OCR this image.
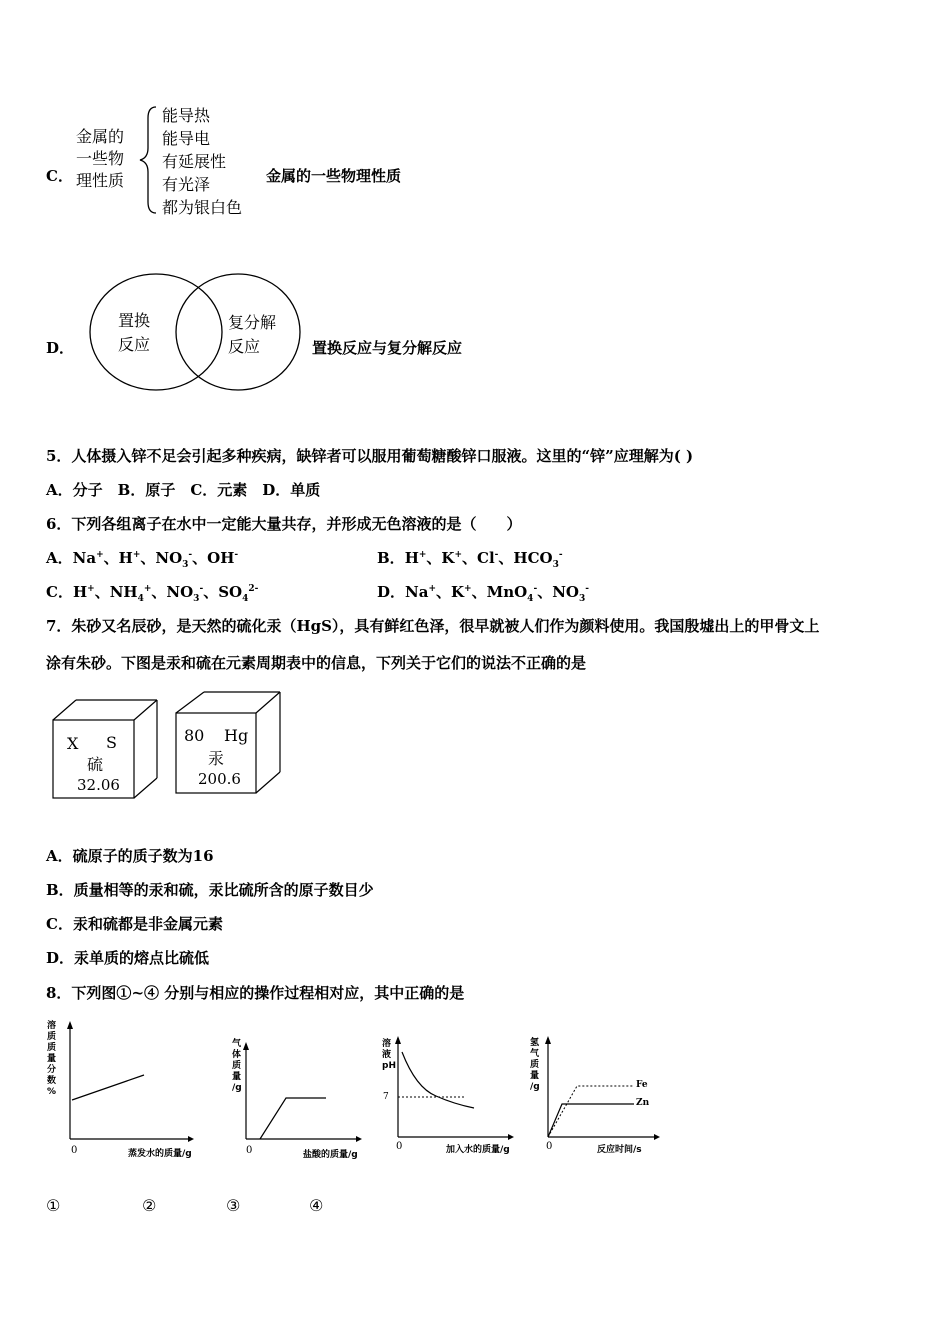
C．
金属的
一些物
理性质
能导热
能导电
有延展性
有光泽
都为银白色
金属的一些物理性质
D．
置换
反应
复分解
反应	置换反应与复分解反应
5．人体摄入锌不足会引起多种疾病，缺锌者可以服用葡萄糖酸锌口服液。这里的“锌”应理解为( )
A．分子　B．原子　C．元素　D．单质
6．下列各组离子在水中一定能大量共存，并形成无色溶液的是（　　）
A．Na+、H+、$NO_3^-$、OH-	B．H+、K+、Cl-、$HCO_3^-$
C．H+、$NH_4^+$、$NO_3^-$、$SO_4^{2-}$	D．Na+、K+、MnO$_4$-、$NO_3^-$
7．朱砂又名辰砂，是天然的硫化汞（HgS），具有鲜红色泽，很早就被人们作为颜料使用。我国殷墟出上的甲骨文上
涂有朱砂。下图是汞和硫在元素周期表中的信息，下列关于它们的说法不正确的是
X S
硫
32.06
80 Hg
汞
200.6
A．硫原子的质子数为16
B．质量相等的汞和硫，汞比硫所含的原子数目少
C．汞和硫都是非金属元素
D．汞单质的熔点比硫低
8．下列图①~④ 分别与相应的操作过程相对应，其中正确的是
溶
质
质
量
分
数
%
0	蒸发水的质量/g
气
体
质
量
/g
0	盐酸的质量/g
溶
液
pH
7
0	加入水的质量/g
氢
气
质
量
/g	Fe
Zn
0	反应时间/s
①	②	③	④
